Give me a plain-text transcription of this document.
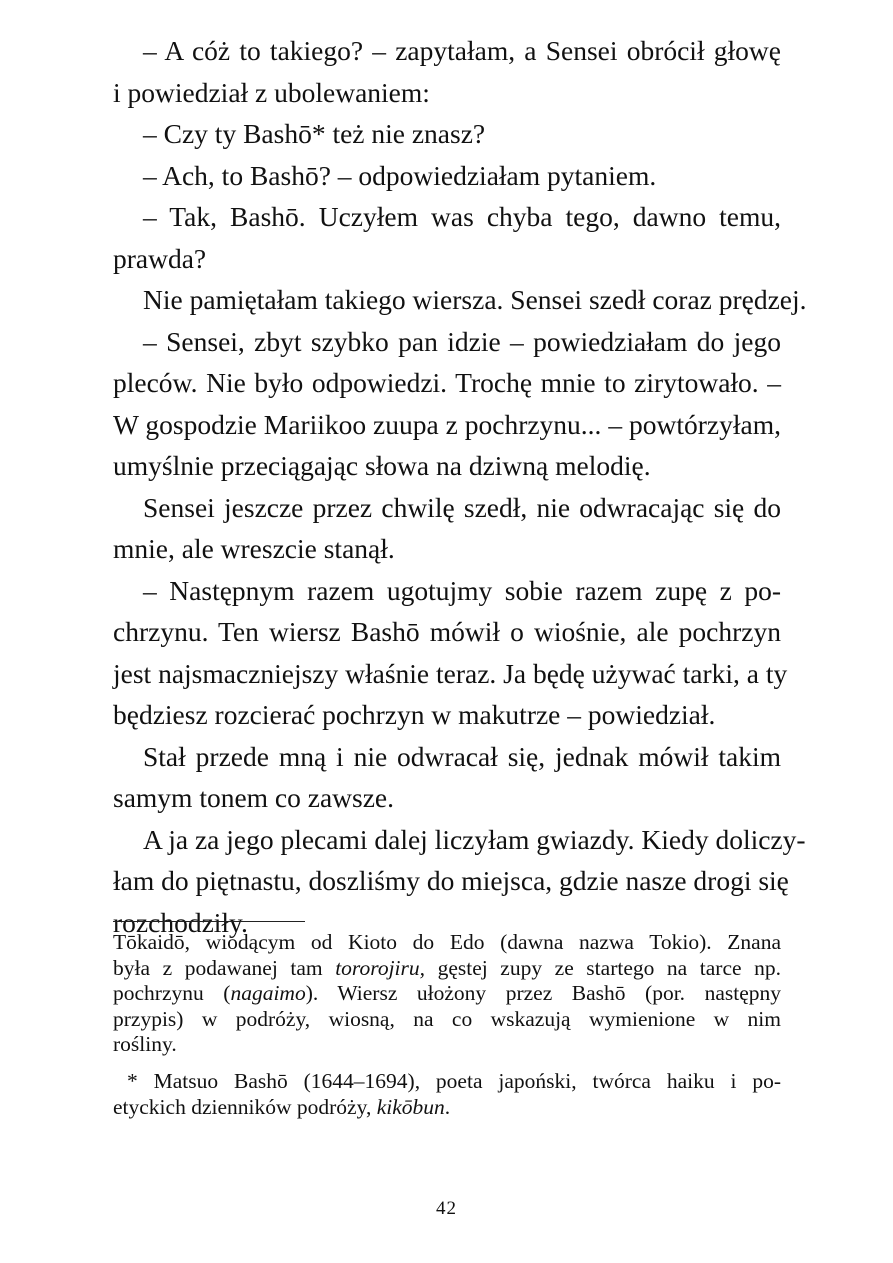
– A cóż to takiego? – zapytałam, a Sensei obrócił głowę
i powiedział z ubolewaniem:
– Czy ty Bashō* też nie znasz?
– Ach, to Bashō? – odpowiedziałam pytaniem.
– Tak, Bashō. Uczyłem was chyba tego, dawno temu,
prawda?
Nie pamiętałam takiego wiersza. Sensei szedł coraz prędzej.
– Sensei, zbyt szybko pan idzie – powiedziałam do jego
pleców. Nie było odpowiedzi. Trochę mnie to zirytowało. –
W gospodzie Mariikoo zuupa z pochrzynu... – powtórzyłam,
umyślnie przeciągając słowa na dziwną melodię.
Sensei jeszcze przez chwilę szedł, nie odwracając się do
mnie, ale wreszcie stanął.
– Następnym razem ugotujmy sobie razem zupę z po-
chrzynu. Ten wiersz Bashō mówił o wiośnie, ale pochrzyn
jest najsmaczniejszy właśnie teraz. Ja będę używać tarki, a ty
będziesz rozcierać pochrzyn w makutrze – powiedział.
Stał przede mną i nie odwracał się, jednak mówił takim
samym tonem co zawsze.
A ja za jego plecami dalej liczyłam gwiazdy. Kiedy doliczy-
łam do piętnastu, doszliśmy do miejsca, gdzie nasze drogi się
rozchodziły.
Tōkaidō, wiodącym od Kioto do Edo (dawna nazwa Tokio). Znana
była z podawanej tam tororojiru, gęstej zupy ze startego na tarce np.
pochrzynu (nagaimo). Wiersz ułożony przez Bashō (por. następny
przypis) w podróży, wiosną, na co wskazują wymienione w nim
rośliny.
* Matsuo Bashō (1644–1694), poeta japoński, twórca haiku i po-
etyckich dzienników podróży, kikōbun.
42
